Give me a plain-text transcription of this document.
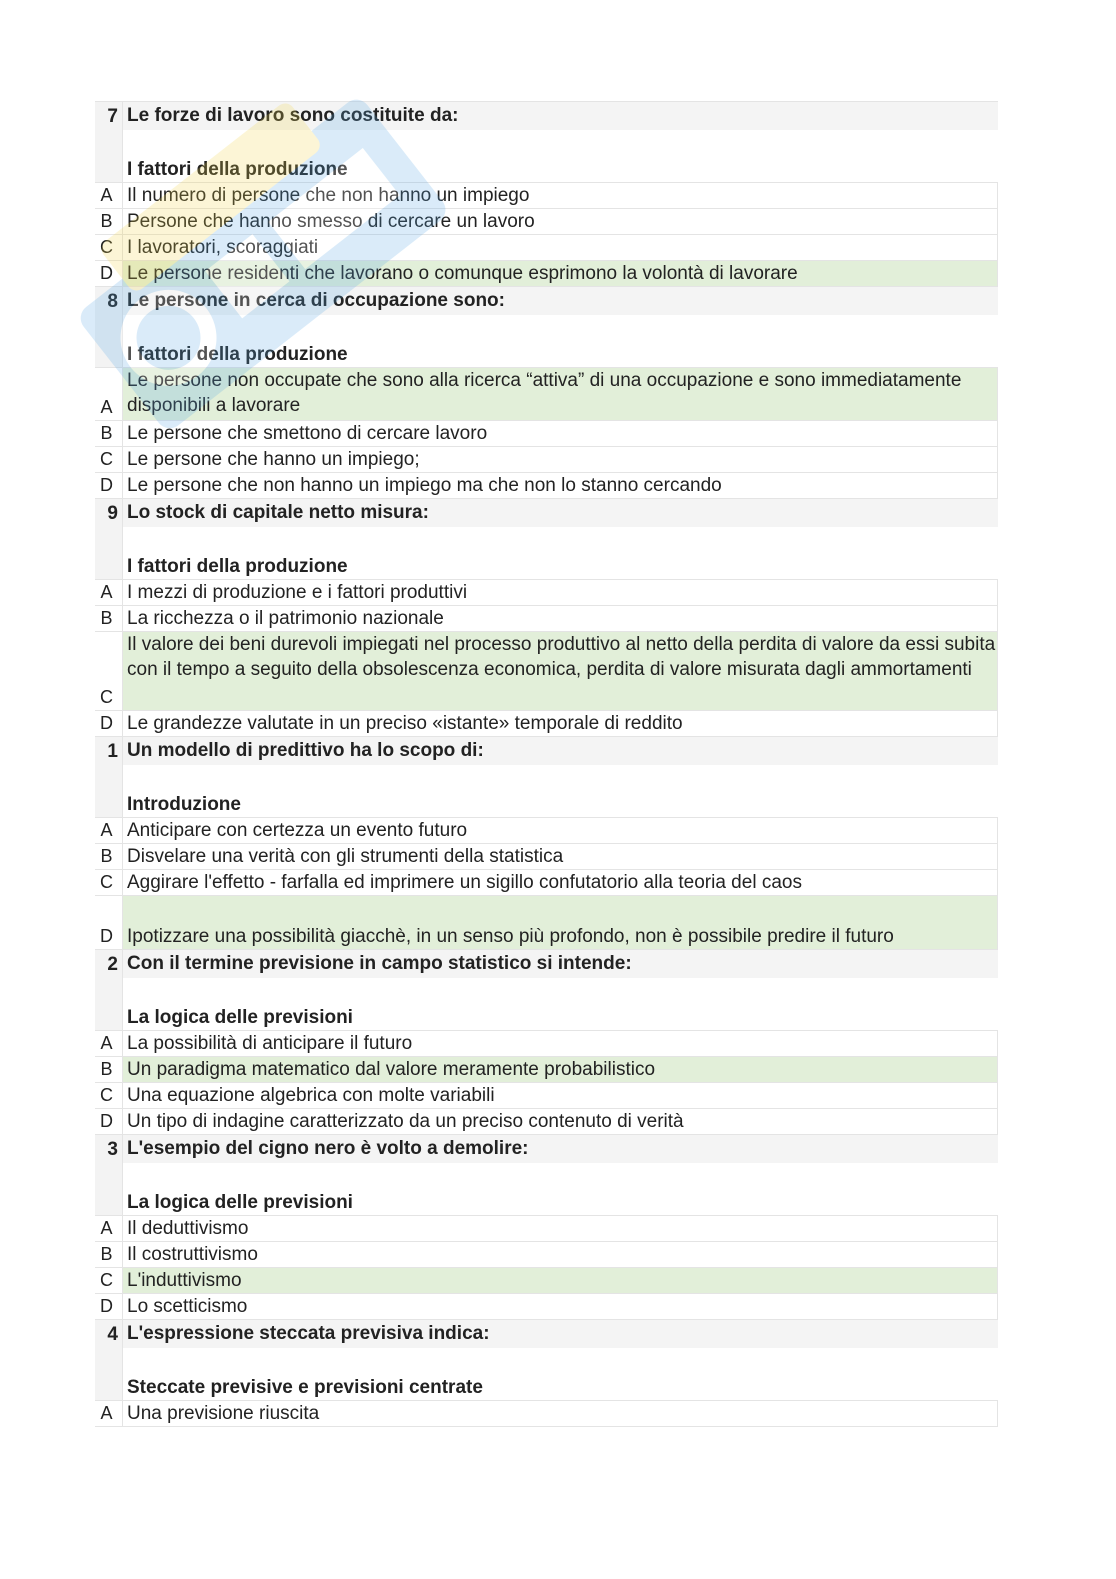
7 Le forze di lavoro sono costituite da:
I fattori della produzione
A Il numero di persone che non hanno un impiego
B Persone che hanno smesso di cercare un lavoro
C I lavoratori, scoraggiati
D Le persone residenti che lavorano o comunque esprimono la volontà di lavorare
8 Le persone in cerca di occupazione sono:
I fattori della produzione
A
Le persone non occupate che sono alla ricerca “attiva” di una occupazione e sono immediatamente disponibili a lavorare
B Le persone che smettono di cercare lavoro
C Le persone che hanno un impiego;
D Le persone che non hanno un impiego ma che non lo stanno cercando
9 Lo stock di capitale netto misura:
I fattori della produzione
A I mezzi di produzione e i fattori produttivi
B La ricchezza o il patrimonio nazionale
C
Il valore dei beni durevoli impiegati nel processo produttivo al netto della perdita di valore da essi subita con il tempo a seguito della obsolescenza economica, perdita di valore misurata dagli ammortamenti
D Le grandezze valutate in un preciso «istante» temporale di reddito
1 Un modello di predittivo ha lo scopo di:
Introduzione
A Anticipare con certezza un evento futuro
B Disvelare una verità con gli strumenti della statistica
C Aggirare l'effetto - farfalla ed imprimere un sigillo confutatorio alla teoria del caos
D Ipotizzare una possibilità giacchè, in un senso più profondo, non è possibile predire il futuro
2 Con il termine previsione in campo statistico si intende:
La logica delle previsioni
A La possibilità di anticipare il futuro
B Un paradigma matematico dal valore meramente probabilistico
C Una equazione algebrica con molte variabili
D Un tipo di indagine caratterizzato da un preciso contenuto di verità
3 L'esempio del cigno nero è volto a demolire:
La logica delle previsioni
A Il deduttivismo
B Il costruttivismo
C L'induttivismo
D Lo scetticismo
4 L'espressione steccata previsiva indica:
Steccate previsive e previsioni centrate
A Una previsione riuscita
